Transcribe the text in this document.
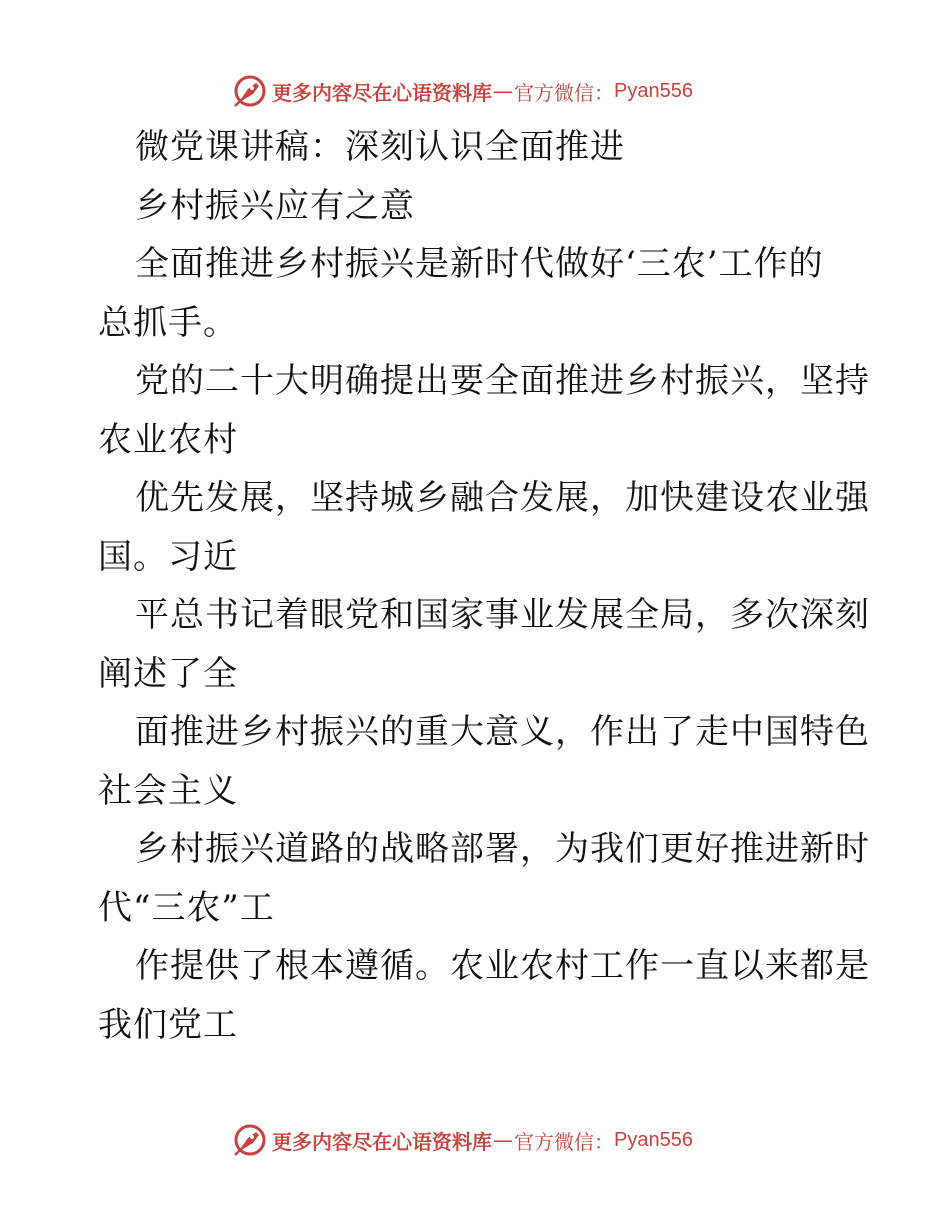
更多内容尽在心语资料库 — 官方微信： Pyan556
微党课讲稿：深刻认识全面推进
乡村振兴应有之意
全面推进乡村振兴是新时代做好‘三农’工作的
总抓手。
党的二十大明确提出要全面推进乡村振兴，坚持
农业农村
优先发展，坚持城乡融合发展，加快建设农业强
国。习近
平总书记着眼党和国家事业发展全局，多次深刻
阐述了全
面推进乡村振兴的重大意义，作出了走中国特色
社会主义
乡村振兴道路的战略部署，为我们更好推进新时
代“三农”工
作提供了根本遵循。农业农村工作一直以来都是
我们党工
更多内容尽在心语资料库 — 官方微信： Pyan556
